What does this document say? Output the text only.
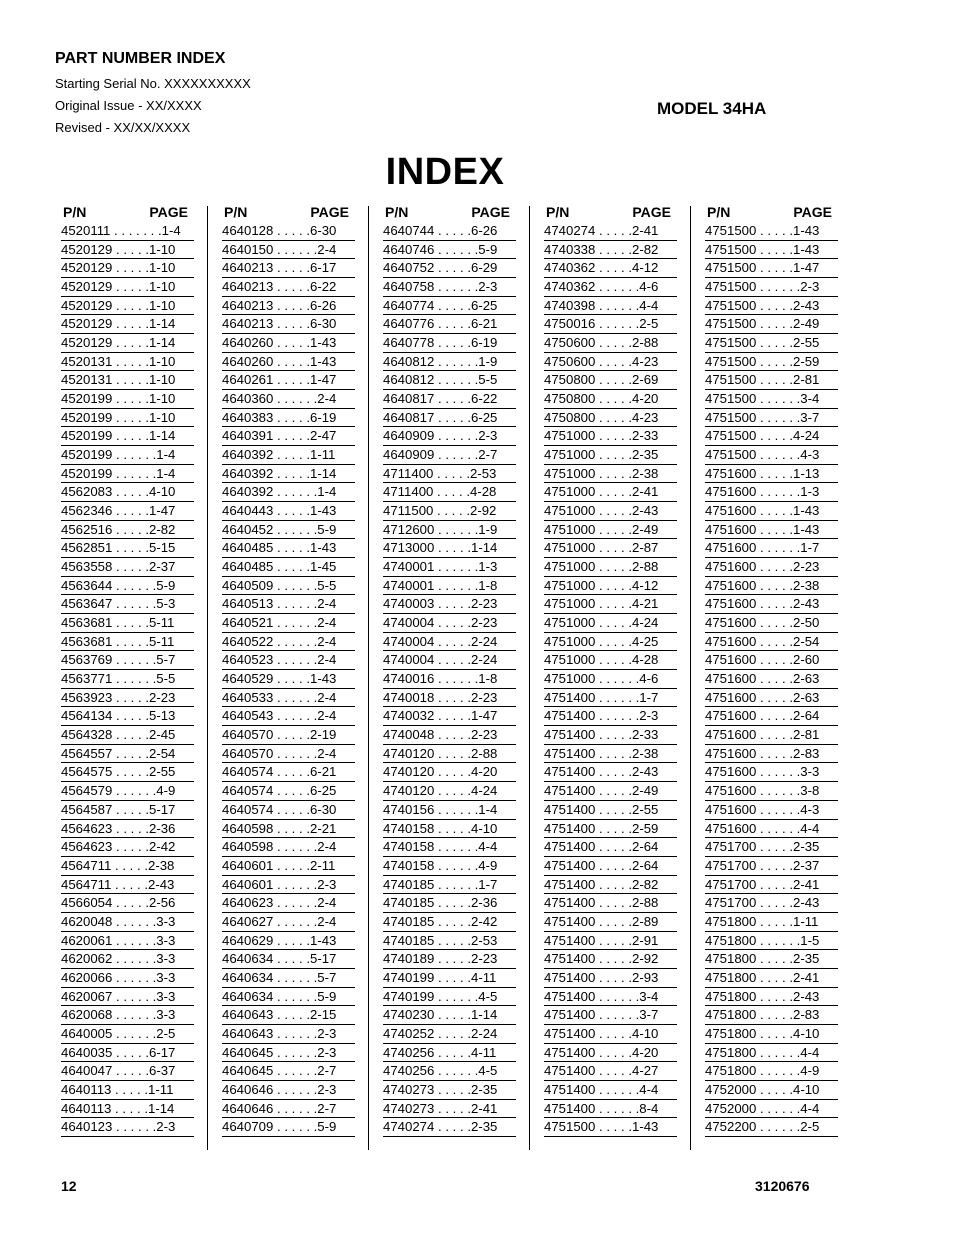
PART NUMBER INDEX
Starting Serial No. XXXXXXXXXX
Original Issue - XX/XXXX
Revised - XX/XX/XXXX
MODEL 34HA
INDEX
P/N	PAGE
4520111 . . . . . . .1-4
4520129 . . . . .1-10
4520129 . . . . .1-10
4520129 . . . . .1-10
4520129 . . . . .1-10
4520129 . . . . .1-14
4520129 . . . . .1-14
4520131 . . . . .1-10
4520131 . . . . .1-10
4520199 . . . . .1-10
4520199 . . . . .1-10
4520199 . . . . .1-14
4520199 . . . . . .1-4
4520199 . . . . . .1-4
4562083 . . . . .4-10
4562346 . . . . .1-47
4562516 . . . . .2-82
4562851 . . . . .5-15
4563558 . . . . .2-37
4563644 . . . . . .5-9
4563647 . . . . . .5-3
4563681 . . . . .5-11
4563681 . . . . .5-11
4563769 . . . . . .5-7
4563771 . . . . . .5-5
4563923 . . . . .2-23
4564134 . . . . .5-13
4564328 . . . . .2-45
4564557 . . . . .2-54
4564575 . . . . .2-55
4564579 . . . . . .4-9
4564587 . . . . .5-17
4564623 . . . . .2-36
4564623 . . . . .2-42
4564711 . . . . .2-38
4564711 . . . . .2-43
4566054 . . . . .2-56
4620048 . . . . . .3-3
4620061 . . . . . .3-3
4620062 . . . . . .3-3
4620066 . . . . . .3-3
4620067 . . . . . .3-3
4620068 . . . . . .3-3
4640005 . . . . . .2-5
4640035 . . . . .6-17
4640047 . . . . .6-37
4640113 . . . . .1-11
4640113 . . . . .1-14
4640123 . . . . . .2-3
P/N	PAGE
4640128 . . . . .6-30
4640150 . . . . . .2-4
4640213 . . . . .6-17
4640213 . . . . .6-22
4640213 . . . . .6-26
4640213 . . . . .6-30
4640260 . . . . .1-43
4640260 . . . . .1-43
4640261 . . . . .1-47
4640360 . . . . . .2-4
4640383 . . . . .6-19
4640391 . . . . .2-47
4640392 . . . . .1-11
4640392 . . . . .1-14
4640392 . . . . . .1-4
4640443 . . . . .1-43
4640452 . . . . . .5-9
4640485 . . . . .1-43
4640485 . . . . .1-45
4640509 . . . . . .5-5
4640513 . . . . . .2-4
4640521 . . . . . .2-4
4640522 . . . . . .2-4
4640523 . . . . . .2-4
4640529 . . . . .1-43
4640533 . . . . . .2-4
4640543 . . . . . .2-4
4640570 . . . . .2-19
4640570 . . . . . .2-4
4640574 . . . . .6-21
4640574 . . . . .6-25
4640574 . . . . .6-30
4640598 . . . . .2-21
4640598 . . . . . .2-4
4640601 . . . . .2-11
4640601 . . . . . .2-3
4640623 . . . . . .2-4
4640627 . . . . . .2-4
4640629 . . . . .1-43
4640634 . . . . .5-17
4640634 . . . . . .5-7
4640634 . . . . . .5-9
4640643 . . . . .2-15
4640643 . . . . . .2-3
4640645 . . . . . .2-3
4640645 . . . . . .2-7
4640646 . . . . . .2-3
4640646 . . . . . .2-7
4640709 . . . . . .5-9
P/N	PAGE
4640744 . . . . .6-26
4640746 . . . . . .5-9
4640752 . . . . .6-29
4640758 . . . . . .2-3
4640774 . . . . .6-25
4640776 . . . . .6-21
4640778 . . . . .6-19
4640812 . . . . . .1-9
4640812 . . . . . .5-5
4640817 . . . . .6-22
4640817 . . . . .6-25
4640909 . . . . . .2-3
4640909 . . . . . .2-7
4711400 . . . . .2-53
4711400 . . . . .4-28
4711500 . . . . .2-92
4712600 . . . . . .1-9
4713000 . . . . .1-14
4740001 . . . . . .1-3
4740001 . . . . . .1-8
4740003 . . . . .2-23
4740004 . . . . .2-23
4740004 . . . . .2-24
4740004 . . . . .2-24
4740016 . . . . . .1-8
4740018 . . . . .2-23
4740032 . . . . .1-47
4740048 . . . . .2-23
4740120 . . . . .2-88
4740120 . . . . .4-20
4740120 . . . . .4-24
4740156 . . . . . .1-4
4740158 . . . . .4-10
4740158 . . . . . .4-4
4740158 . . . . . .4-9
4740185 . . . . . .1-7
4740185 . . . . .2-36
4740185 . . . . .2-42
4740185 . . . . .2-53
4740189 . . . . .2-23
4740199 . . . . .4-11
4740199 . . . . . .4-5
4740230 . . . . .1-14
4740252 . . . . .2-24
4740256 . . . . .4-11
4740256 . . . . . .4-5
4740273 . . . . .2-35
4740273 . . . . .2-41
4740274 . . . . .2-35
P/N	PAGE
4740274 . . . . .2-41
4740338 . . . . .2-82
4740362 . . . . .4-12
4740362 . . . . . .4-6
4740398 . . . . . .4-4
4750016 . . . . . .2-5
4750600 . . . . .2-88
4750600 . . . . .4-23
4750800 . . . . .2-69
4750800 . . . . .4-20
4750800 . . . . .4-23
4751000 . . . . .2-33
4751000 . . . . .2-35
4751000 . . . . .2-38
4751000 . . . . .2-41
4751000 . . . . .2-43
4751000 . . . . .2-49
4751000 . . . . .2-87
4751000 . . . . .2-88
4751000 . . . . .4-12
4751000 . . . . .4-21
4751000 . . . . .4-24
4751000 . . . . .4-25
4751000 . . . . .4-28
4751000 . . . . . .4-6
4751400 . . . . . .1-7
4751400 . . . . . .2-3
4751400 . . . . .2-33
4751400 . . . . .2-38
4751400 . . . . .2-43
4751400 . . . . .2-49
4751400 . . . . .2-55
4751400 . . . . .2-59
4751400 . . . . .2-64
4751400 . . . . .2-64
4751400 . . . . .2-82
4751400 . . . . .2-88
4751400 . . . . .2-89
4751400 . . . . .2-91
4751400 . . . . .2-92
4751400 . . . . .2-93
4751400 . . . . . .3-4
4751400 . . . . . .3-7
4751400 . . . . .4-10
4751400 . . . . .4-20
4751400 . . . . .4-27
4751400 . . . . . .4-4
4751400 . . . . . .8-4
4751500 . . . . .1-43
P/N	PAGE
4751500 . . . . .1-43
4751500 . . . . .1-43
4751500 . . . . .1-47
4751500 . . . . . .2-3
4751500 . . . . .2-43
4751500 . . . . .2-49
4751500 . . . . .2-55
4751500 . . . . .2-59
4751500 . . . . .2-81
4751500 . . . . . .3-4
4751500 . . . . . .3-7
4751500 . . . . .4-24
4751500 . . . . . .4-3
4751600 . . . . .1-13
4751600 . . . . . .1-3
4751600 . . . . .1-43
4751600 . . . . .1-43
4751600 . . . . . .1-7
4751600 . . . . .2-23
4751600 . . . . .2-38
4751600 . . . . .2-43
4751600 . . . . .2-50
4751600 . . . . .2-54
4751600 . . . . .2-60
4751600 . . . . .2-63
4751600 . . . . .2-63
4751600 . . . . .2-64
4751600 . . . . .2-81
4751600 . . . . .2-83
4751600 . . . . . .3-3
4751600 . . . . . .3-8
4751600 . . . . . .4-3
4751600 . . . . . .4-4
4751700 . . . . .2-35
4751700 . . . . .2-37
4751700 . . . . .2-41
4751700 . . . . .2-43
4751800 . . . . .1-11
4751800 . . . . . .1-5
4751800 . . . . .2-35
4751800 . . . . .2-41
4751800 . . . . .2-43
4751800 . . . . .2-83
4751800 . . . . .4-10
4751800 . . . . . .4-4
4751800 . . . . . .4-9
4752000 . . . . .4-10
4752000 . . . . . .4-4
4752200 . . . . . .2-5
12	3120676
